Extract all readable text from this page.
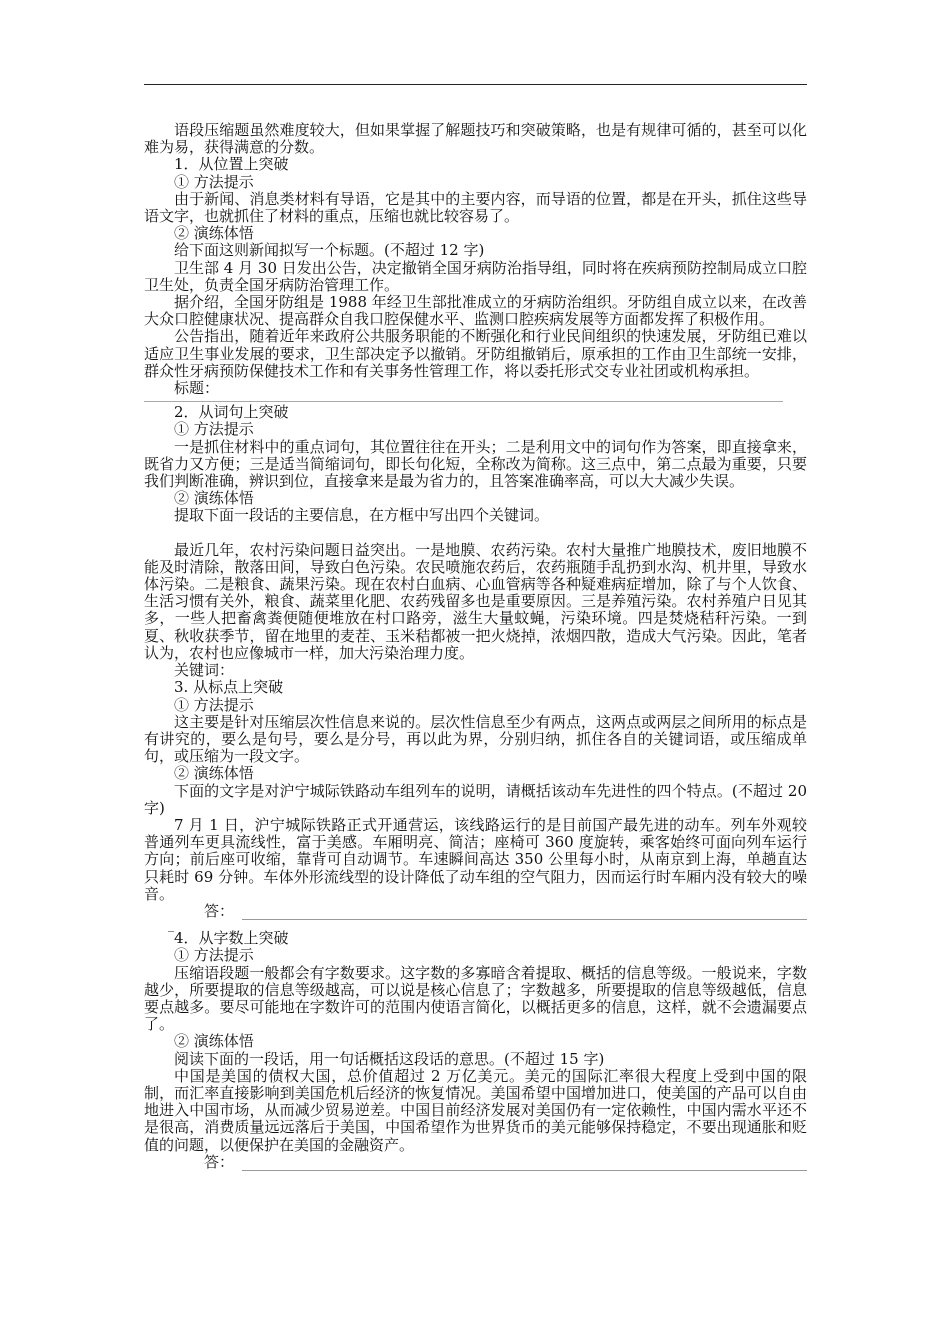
语段压缩题虽然难度较大，但如果掌握了解题技巧和突破策略，也是有规律可循的，甚至可以化难为易，获得满意的分数。

1．从位置上突破

① 方法提示

由于新闻、消息类材料有导语，它是其中的主要内容，而导语的位置，都是在开头，抓住这些导语文字，也就抓住了材料的重点，压缩也就比较容易了。

② 演练体悟

给下面这则新闻拟写一个标题。(不超过 12 字)

卫生部 4 月 30 日发出公告，决定撤销全国牙病防治指导组，同时将在疾病预防控制局成立口腔卫生处，负责全国牙病防治管理工作。

据介绍，全国牙防组是 1988 年经卫生部批准成立的牙病防治组织。牙防组自成立以来，在改善大众口腔健康状况、提高群众自我口腔保健水平、监测口腔疾病发展等方面都发挥了积极作用。

公告指出，随着近年来政府公共服务职能的不断强化和行业民间组织的快速发展，牙防组已难以适应卫生事业发展的要求，卫生部决定予以撤销。牙防组撤销后，原承担的工作由卫生部统一安排，群众性牙病预防保健技术工作和有关事务性管理工作，将以委托形式交专业社团或机构承担。

标题：

2．从词句上突破

① 方法提示

一是抓住材料中的重点词句，其位置往往在开头；二是利用文中的词句作为答案，即直接拿来，既省力又方便；三是适当简缩词句，即长句化短，全称改为简称。这三点中，第二点最为重要，只要我们判断准确，辨识到位，直接拿来是最为省力的，且答案准确率高，可以大大减少失误。

② 演练体悟

提取下面一段话的主要信息，在方框中写出四个关键词。

最近几年，农村污染问题日益突出。一是地膜、农药污染。农村大量推广地膜技术，废旧地膜不能及时清除，散落田间，导致白色污染。农民喷施农药后，农药瓶随手乱扔到水沟、机井里，导致水体污染。二是粮食、蔬果污染。现在农村白血病、心血管病等各种疑难病症增加，除了与个人饮食、生活习惯有关外，粮食、蔬菜里化肥、农药残留多也是重要原因。三是养殖污染。农村养殖户日见其多，一些人把畜禽粪便随便堆放在村口路旁，滋生大量蚊蝇，污染环境。四是焚烧秸秆污染。一到夏、秋收获季节，留在地里的麦茬、玉米秸都被一把火烧掉，浓烟四散，造成大气污染。因此，笔者认为，农村也应像城市一样，加大污染治理力度。

关键词：

3. 从标点上突破

① 方法提示

这主要是针对压缩层次性信息来说的。层次性信息至少有两点，这两点或两层之间所用的标点是有讲究的，要么是句号，要么是分号，再以此为界，分别归纳，抓住各自的关键词语，或压缩成单句，或压缩为一段文字。

② 演练体悟

下面的文字是对沪宁城际铁路动车组列车的说明，请概括该动车先进性的四个特点。(不超过 20 字)

7 月 1 日，沪宁城际铁路正式开通营运，该线路运行的是目前国产最先进的动车。列车外观较普通列车更具流线性，富于美感。车厢明亮、简洁；座椅可 360 度旋转，乘客始终可面向列车运行方向；前后座可收缩，靠背可自动调节。车速瞬间高达 350 公里每小时，从南京到上海，单趟直达只耗时 69 分钟。车体外形流线型的设计降低了动车组的空气阻力，因而运行时车厢内没有较大的噪音。

答：

_

4．从字数上突破

① 方法提示

压缩语段题一般都会有字数要求。这字数的多寡暗含着提取、概括的信息等级。一般说来，字数越少，所要提取的信息等级越高，可以说是核心信息了；字数越多，所要提取的信息等级越低，信息要点越多。要尽可能地在字数许可的范围内使语言简化，以概括更多的信息，这样，就不会遗漏要点了。

② 演练体悟

阅读下面的一段话，用一句话概括这段话的意思。(不超过 15 字)

中国是美国的债权大国，总价值超过 2 万亿美元。美元的国际汇率很大程度上受到中国的限制，而汇率直接影响到美国危机后经济的恢复情况。美国希望中国增加进口，使美国的产品可以自由地进入中国市场，从而减少贸易逆差。中国目前经济发展对美国仍有一定依赖性，中国内需水平还不是很高，消费质量远远落后于美国，中国希望作为世界货币的美元能够保持稳定，不要出现通胀和贬值的问题，以便保护在美国的金融资产。

答：
